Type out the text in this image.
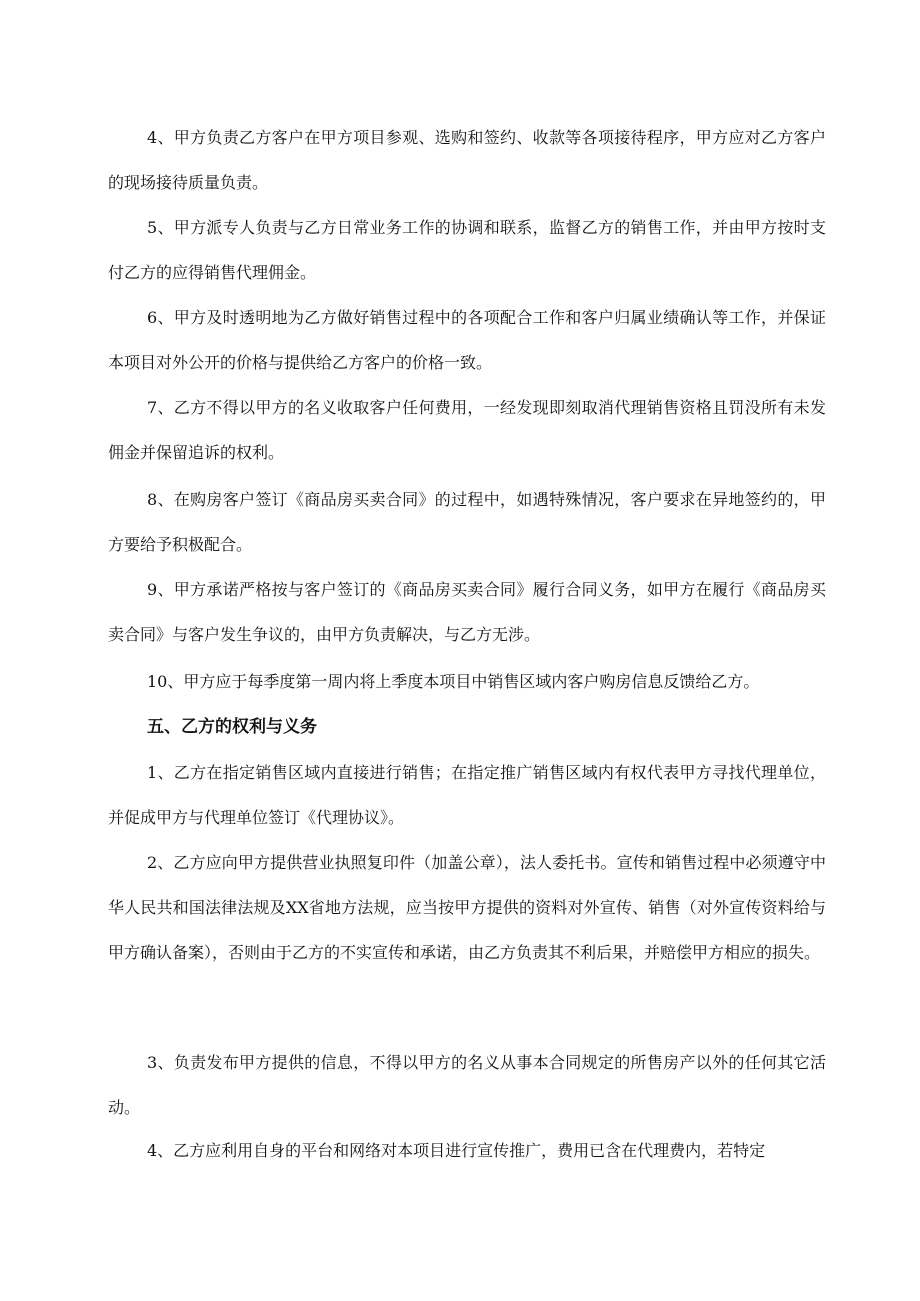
4、甲方负责乙方客户在甲方项目参观、选购和签约、收款等各项接待程序，甲方应对乙方客户的现场接待质量负责。

5、甲方派专人负责与乙方日常业务工作的协调和联系，监督乙方的销售工作，并由甲方按时支付乙方的应得销售代理佣金。

6、甲方及时透明地为乙方做好销售过程中的各项配合工作和客户归属业绩确认等工作，并保证本项目对外公开的价格与提供给乙方客户的价格一致。

7、乙方不得以甲方的名义收取客户任何费用，一经发现即刻取消代理销售资格且罚没所有未发佣金并保留追诉的权利。

8、在购房客户签订《商品房买卖合同》的过程中，如遇特殊情况，客户要求在异地签约的，甲方要给予积极配合。

9、甲方承诺严格按与客户签订的《商品房买卖合同》履行合同义务，如甲方在履行《商品房买卖合同》与客户发生争议的，由甲方负责解决，与乙方无涉。

10、甲方应于每季度第一周内将上季度本项目中销售区域内客户购房信息反馈给乙方。

五、乙方的权利与义务

1、乙方在指定销售区域内直接进行销售；在指定推广销售区域内有权代表甲方寻找代理单位，并促成甲方与代理单位签订《代理协议》。

2、乙方应向甲方提供营业执照复印件（加盖公章），法人委托书。宣传和销售过程中必须遵守中华人民共和国法律法规及XX省地方法规，应当按甲方提供的资料对外宣传、销售（对外宣传资料给与甲方确认备案），否则由于乙方的不实宣传和承诺，由乙方负责其不利后果，并赔偿甲方相应的损失。

3、负责发布甲方提供的信息，不得以甲方的名义从事本合同规定的所售房产以外的任何其它活动。

4、乙方应利用自身的平台和网络对本项目进行宣传推广，费用已含在代理费内，若特定
